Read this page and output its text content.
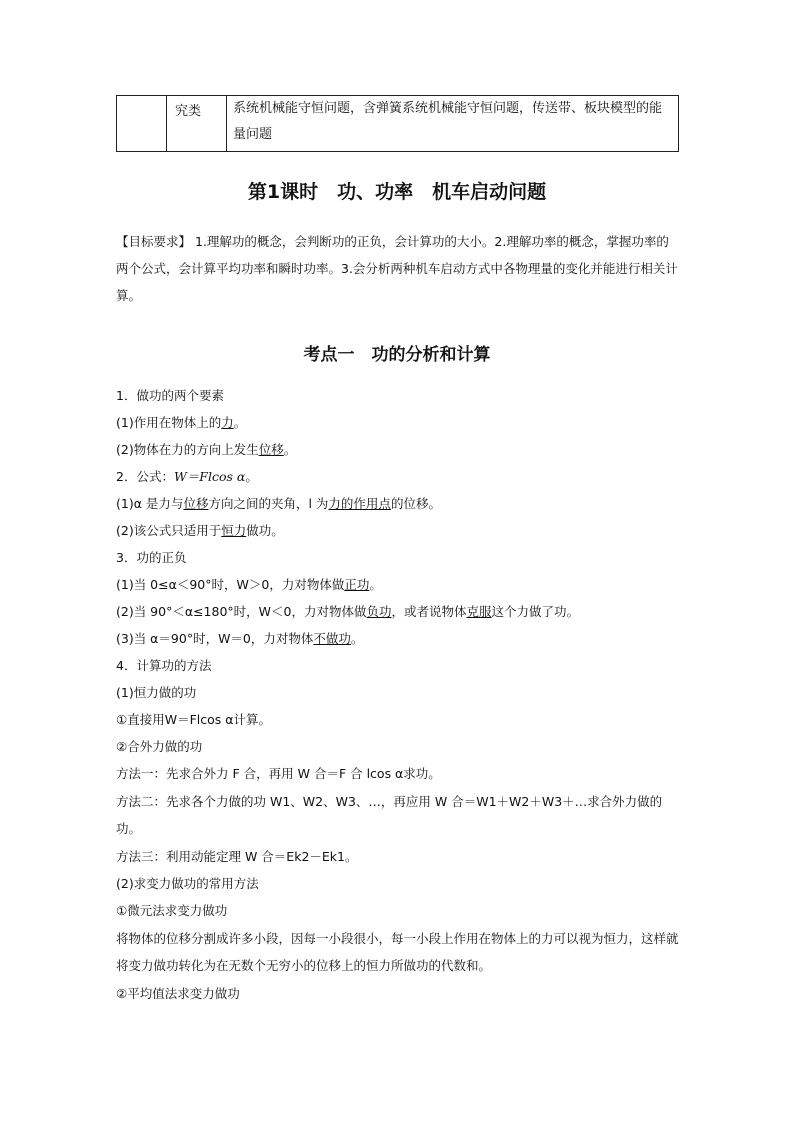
究类	系统机械能守恒问题，含弹簧系统机械能守恒问题，传送带、板块模型的能量问题
第1课时　功、功率　机车启动问题
【目标要求】 1.理解功的概念，会判断功的正负，会计算功的大小。2.理解功率的概念，掌握功率的两个公式，会计算平均功率和瞬时功率。3.会分析两种机车启动方式中各物理量的变化并能进行相关计算。
考点一　功的分析和计算
1．做功的两个要素
(1)作用在物体上的力。
(2)物体在力的方向上发生位移。
2．公式：W＝Flcos α。
(1)α 是力与位移方向之间的夹角，l 为力的作用点的位移。
(2)该公式只适用于恒力做功。
3．功的正负
(1)当 0≤α＜90°时，W＞0，力对物体做正功。
(2)当 90°＜α≤180°时，W＜0，力对物体做负功，或者说物体克服这个力做了功。
(3)当 α＝90°时，W＝0，力对物体不做功。
4．计算功的方法
(1)恒力做的功
①直接用W＝Flcos α计算。
②合外力做的功
方法一：先求合外力 F 合，再用 W 合＝F 合 lcos α求功。
方法二：先求各个力做的功 W1、W2、W3、…，再应用 W 合＝W1＋W2＋W3＋…求合外力做的功。
方法三：利用动能定理 W 合＝Ek2－Ek1。
(2)求变力做功的常用方法
①微元法求变力做功
将物体的位移分割成许多小段，因每一小段很小，每一小段上作用在物体上的力可以视为恒力，这样就将变力做功转化为在无数个无穷小的位移上的恒力所做功的代数和。
②平均值法求变力做功
